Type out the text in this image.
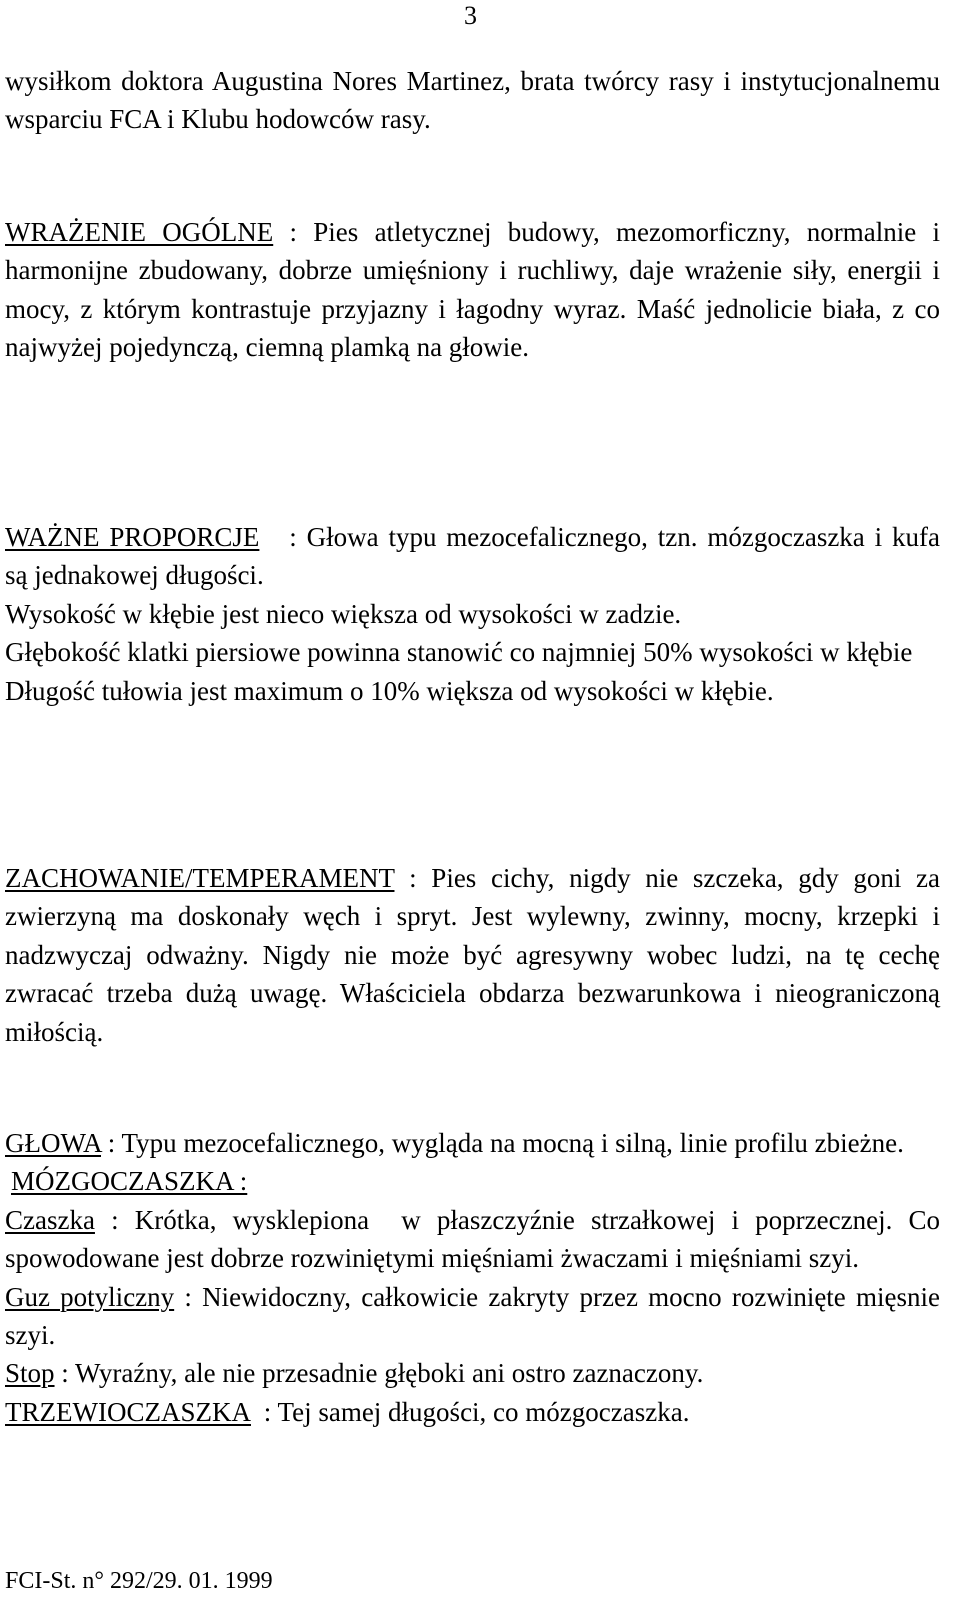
3

wysiłkom doktora Augustina Nores Martinez, brata twórcy rasy i instytucjonalnemu wsparciu FCA i Klubu hodowców rasy.

WRAŻENIE OGÓLNE : Pies atletycznej budowy, mezomorficzny, normalnie i harmonijne zbudowany, dobrze umięśniony i ruchliwy, daje wrażenie siły, energii i mocy, z którym kontrastuje przyjazny i łagodny wyraz. Maść jednolicie biała, z co najwyżej pojedynczą, ciemną plamką na głowie.

WAŻNE PROPORCJE : Głowa typu mezocefalicznego, tzn. mózgoczaszka i kufa są jednakowej długości.

Wysokość w kłębie jest nieco większa od wysokości w zadzie.

Głębokość klatki piersiowe powinna stanowić co najmniej 50% wysokości w kłębie

Długość tułowia jest maximum o 10% większa od wysokości w kłębie.

ZACHOWANIE/TEMPERAMENT : Pies cichy, nigdy nie szczeka, gdy goni za zwierzyną ma doskonały węch i spryt. Jest wylewny, zwinny, mocny, krzepki i nadzwyczaj odważny. Nigdy nie może być agresywny wobec ludzi, na tę cechę zwracać trzeba dużą uwagę. Właściciela obdarza bezwarunkowa i nieograniczoną miłością.

GŁOWA : Typu mezocefalicznego, wygląda na mocną i silną, linie profilu zbieżne.

MÓZGOCZASZKA :

Czaszka : Krótka, wysklepiona  w płaszczyźnie strzałkowej i poprzecznej. Co spowodowane jest dobrze rozwiniętymi mięśniami żwaczami i mięśniami szyi.

Guz potyliczny : Niewidoczny, całkowicie zakryty przez mocno rozwinięte mięsnie szyi.

Stop : Wyraźny, ale nie przesadnie głęboki ani ostro zaznaczony.

TRZEWIOCZASZKA : Tej samej długości, co mózgoczaszka.

FCI-St. n° 292/29. 01. 1999
